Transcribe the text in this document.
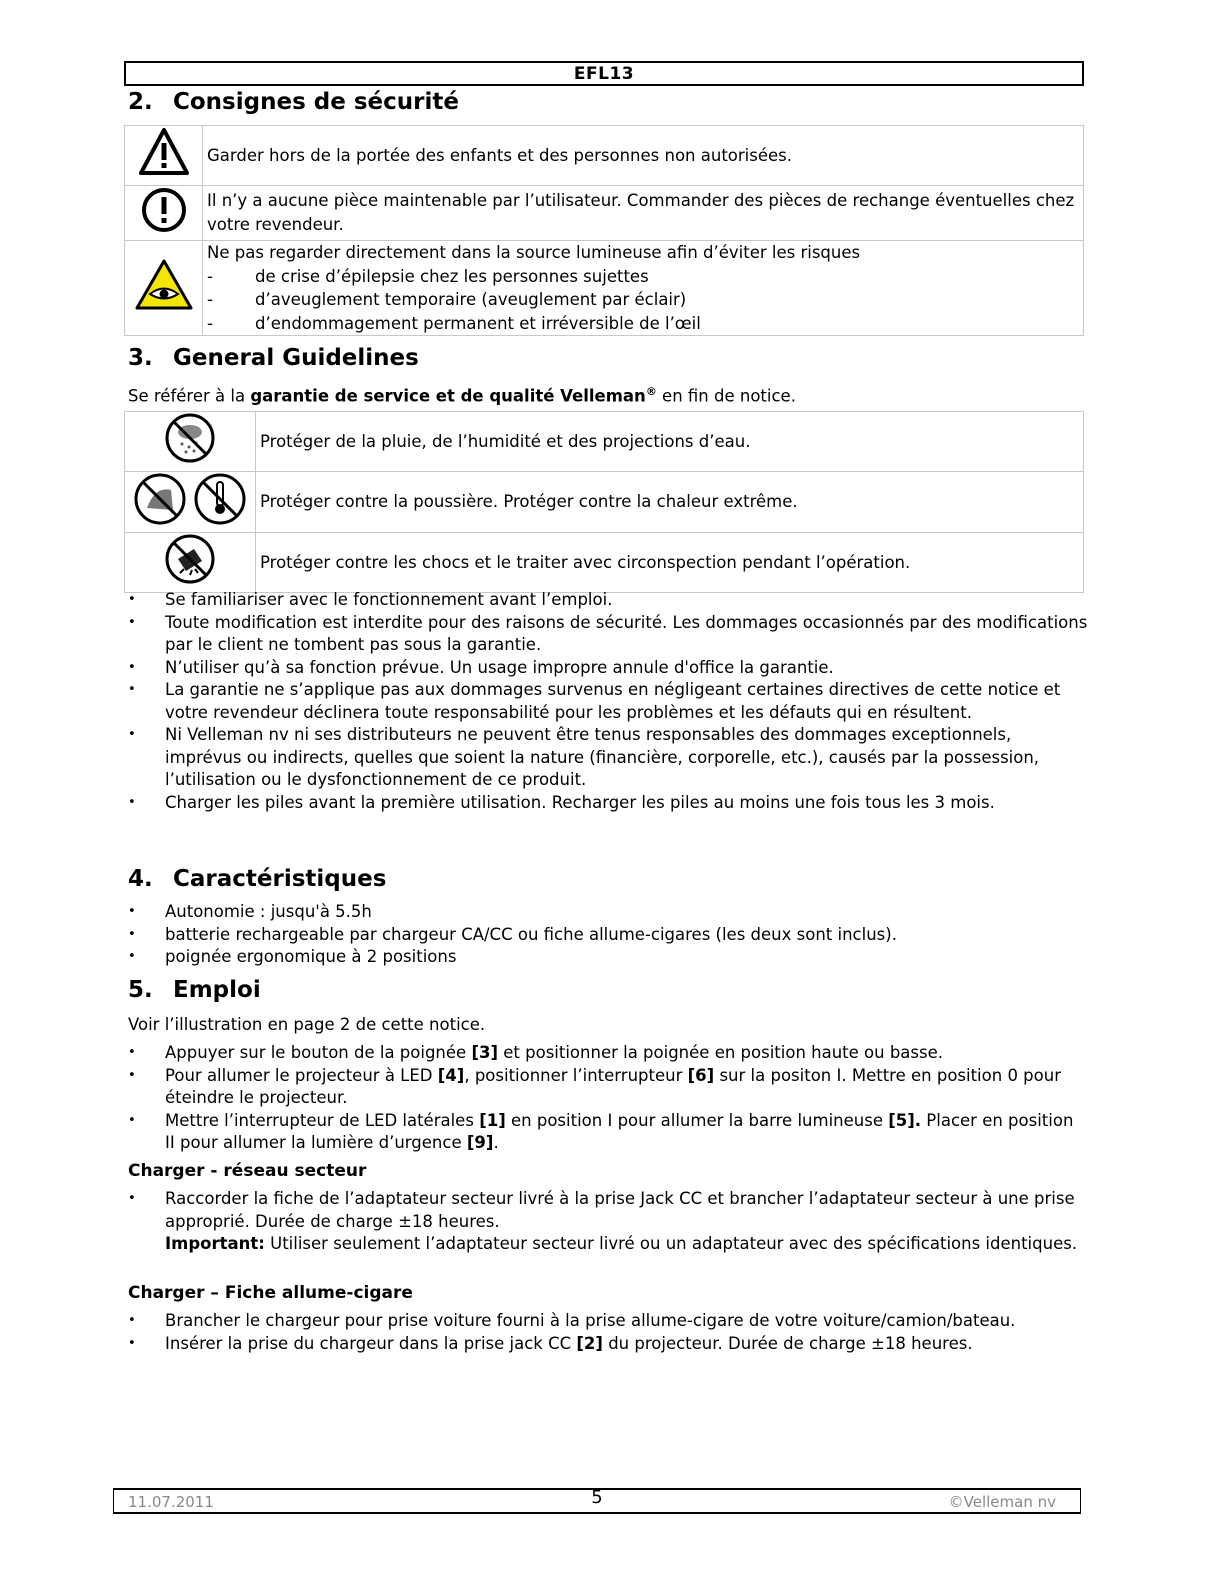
EFL13
2. Consignes de sécurité
	Garder hors de la portée des enfants et des personnes non autorisées.
	Il n’y a aucune pièce maintenable par l’utilisateur. Commander des pièces de rechange éventuelles chez votre revendeur.

Ne pas regarder directement dans la source lumineuse afin d’éviter les risques
- de crise d’épilepsie chez les personnes sujettes
- d’aveuglement temporaire (aveuglement par éclair)
- d’endommagement permanent et irréversible de l’œil
3. General Guidelines

Se référer à la garantie de service et de qualité Velleman® en fin de notice.

	Protéger de la pluie, de l’humidité et des projections d’eau.
	Protéger contre la poussière. Protéger contre la chaleur extrême.
	Protéger contre les chocs et le traiter avec circonspection pendant l’opération.
• Se familiariser avec le fonctionnement avant l’emploi.
• Toute modification est interdite pour des raisons de sécurité. Les dommages occasionnés par des modifications par le client ne tombent pas sous la garantie.
• N’utiliser qu’à sa fonction prévue. Un usage impropre annule d'office la garantie.
• La garantie ne s’applique pas aux dommages survenus en négligeant certaines directives de cette notice et votre revendeur déclinera toute responsabilité pour les problèmes et les défauts qui en résultent.
• Ni Velleman nv ni ses distributeurs ne peuvent être tenus responsables des dommages exceptionnels, imprévus ou indirects, quelles que soient la nature (financière, corporelle, etc.), causés par la possession, l’utilisation ou le dysfonctionnement de ce produit.
• Charger les piles avant la première utilisation. Recharger les piles au moins une fois tous les 3 mois.
4. Caractéristiques
• Autonomie : jusqu'à 5.5h
• batterie rechargeable par chargeur CA/CC ou fiche allume-cigares (les deux sont inclus).
• poignée ergonomique à 2 positions
5. Emploi

Voir l’illustration en page 2 de cette notice.

• Appuyer sur le bouton de la poignée [3] et positionner la poignée en position haute ou basse.
• Pour allumer le projecteur à LED [4], positionner l’interrupteur [6] sur la positon I. Mettre en position 0 pour éteindre le projecteur.
• Mettre l’interrupteur de LED latérales [1] en position I pour allumer la barre lumineuse [5]. Placer en position II pour allumer la lumière d’urgence [9].
Charger - réseau secteur
• Raccorder la fiche de l’adaptateur secteur livré à la prise Jack CC et brancher l’adaptateur secteur à une prise approprié. Durée de charge ±18 heures.
Important: Utiliser seulement l’adaptateur secteur livré ou un adaptateur avec des spécifications identiques.
Charger – Fiche allume-cigare
• Brancher le chargeur pour prise voiture fourni à la prise allume-cigare de votre voiture/camion/bateau.
• Insérer la prise du chargeur dans la prise jack CC [2] du projecteur. Durée de charge ±18 heures.
11.07.2011	5	©Velleman nv
